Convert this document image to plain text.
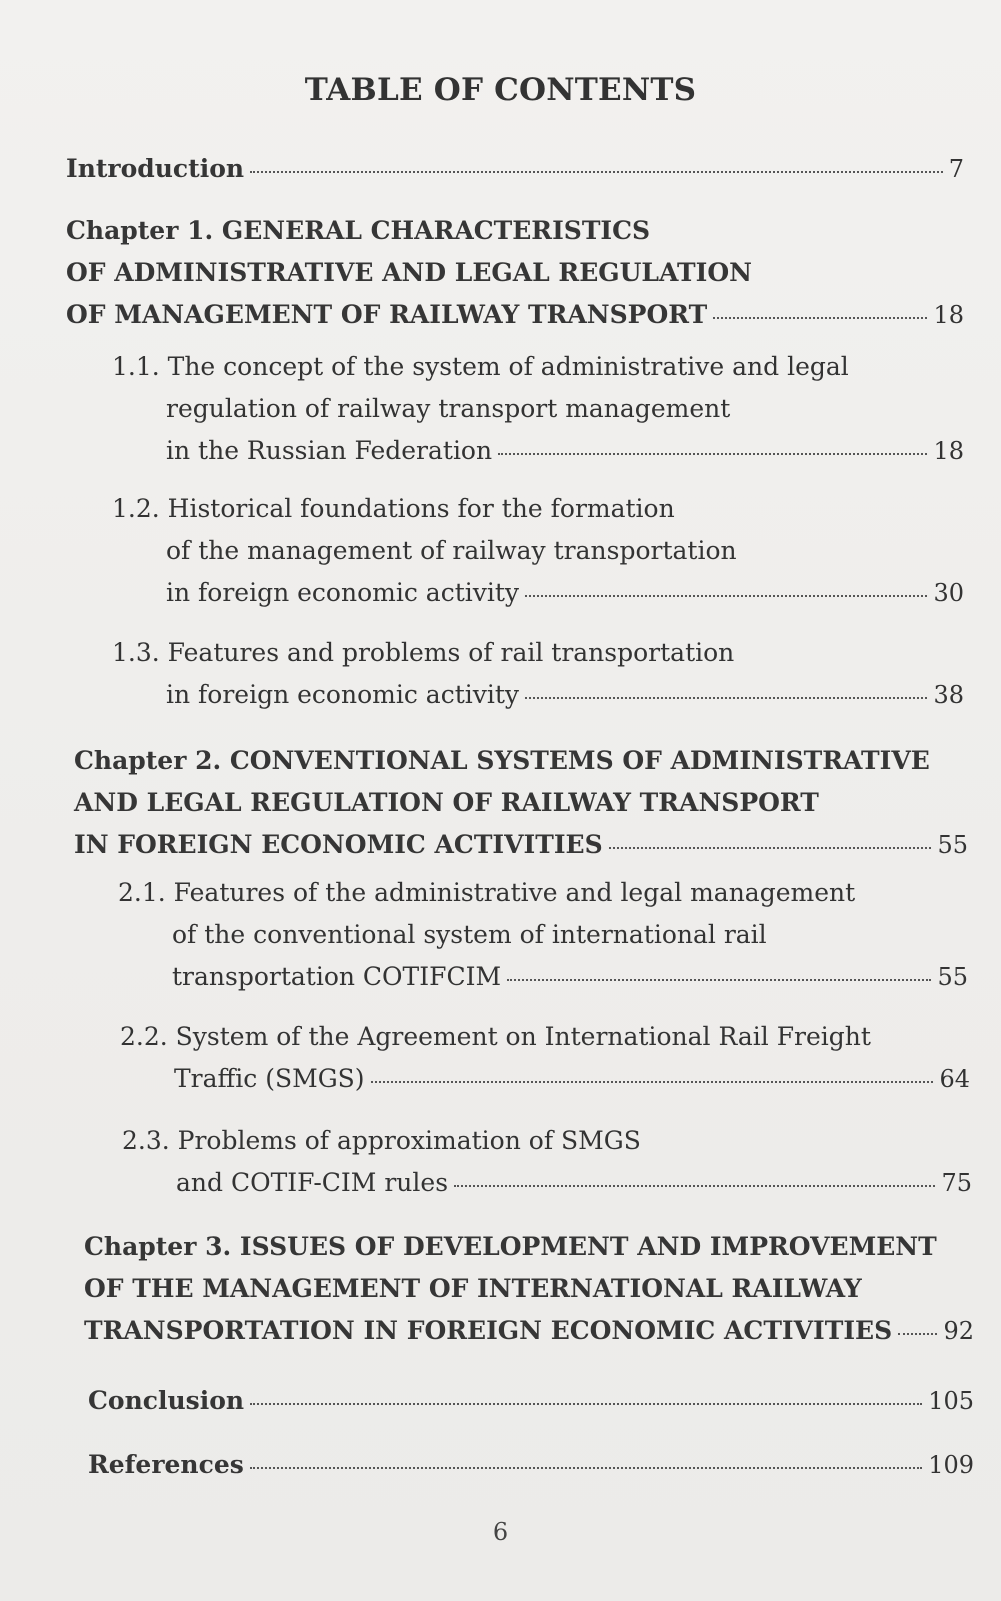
TABLE OF CONTENTS
Introduction	7
Chapter 1. GENERAL CHARACTERISTICS
OF ADMINISTRATIVE AND LEGAL REGULATION
OF MANAGEMENT OF RAILWAY TRANSPORT	18
1.1. The concept of the system of administrative and legal
regulation of railway transport management
in the Russian Federation	18
1.2. Historical foundations for the formation
of the management of railway transportation
in foreign economic activity	30
1.3. Features and problems of rail transportation
in foreign economic activity	38
Chapter 2. CONVENTIONAL SYSTEMS OF ADMINISTRATIVE
AND LEGAL REGULATION OF RAILWAY TRANSPORT
IN FOREIGN ECONOMIC ACTIVITIES	55
2.1. Features of the administrative and legal management
of the conventional system of international rail
transportation COTIFCIM	55
2.2. System of the Agreement on International Rail Freight
Traffic (SMGS)	64
2.3. Problems of approximation of SMGS
and COTIF-CIM rules	75
Chapter 3. ISSUES OF DEVELOPMENT AND IMPROVEMENT
OF THE MANAGEMENT OF INTERNATIONAL RAILWAY
TRANSPORTATION IN FOREIGN ECONOMIC ACTIVITIES 92
Conclusion	105
References	109
6
